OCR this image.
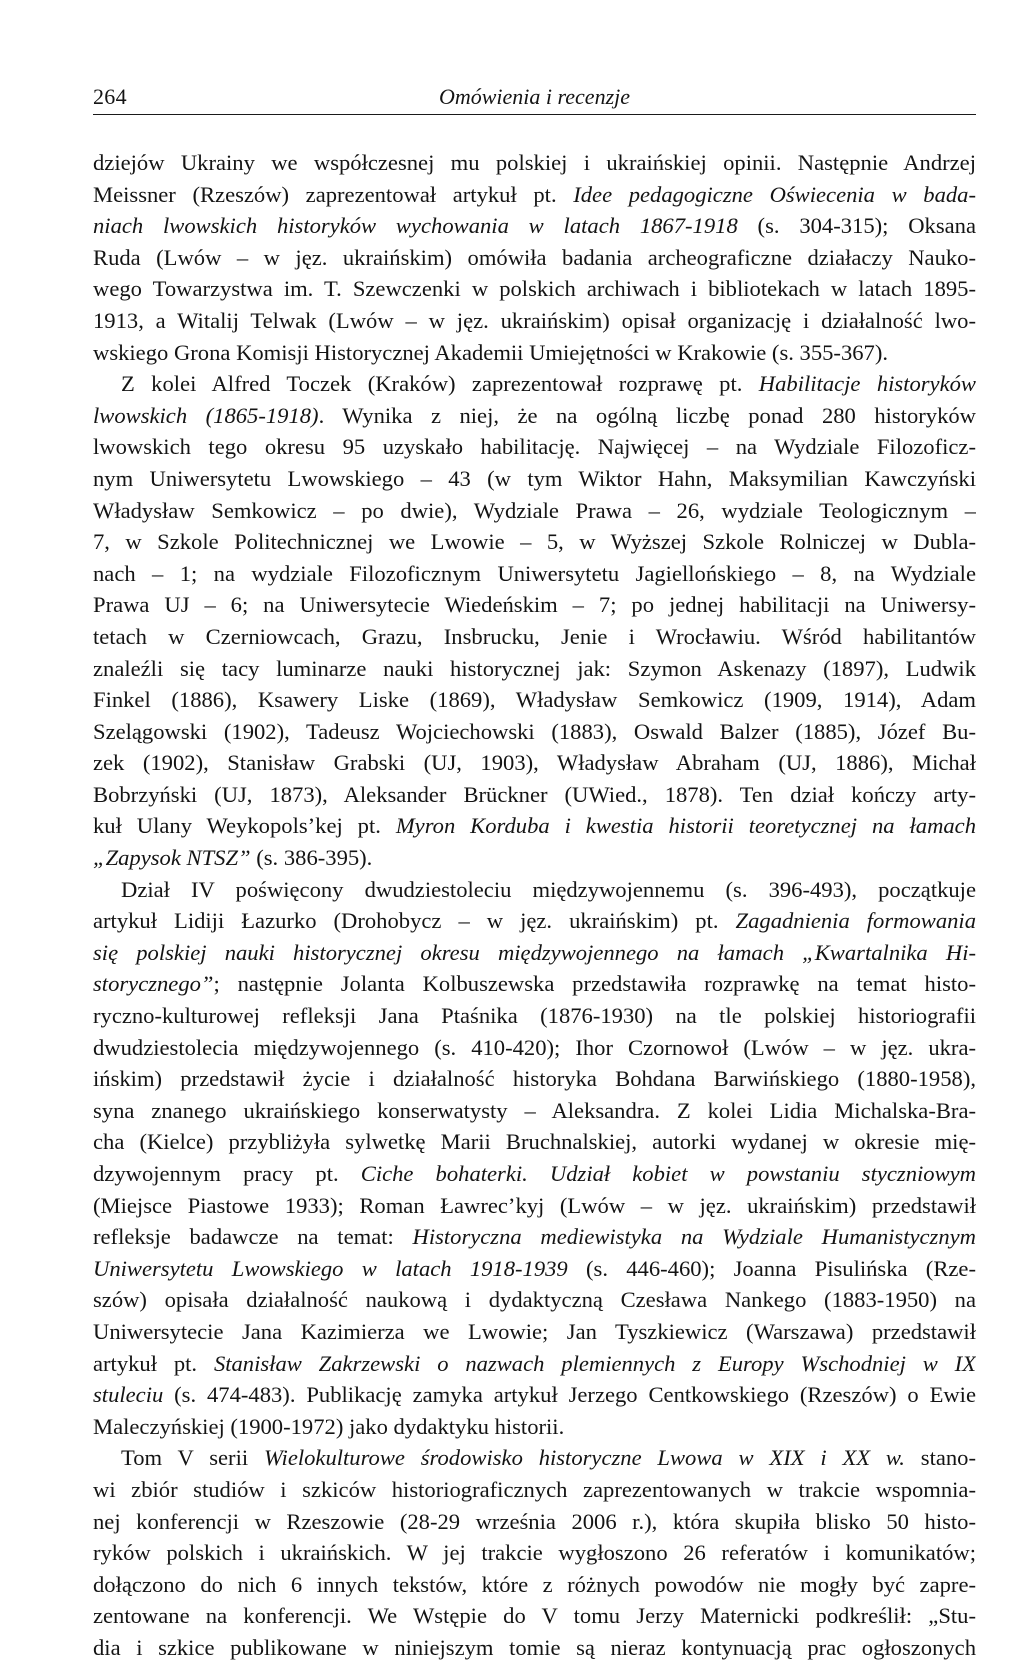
264	Omówienia i recenzje
dziejów Ukrainy we współczesnej mu polskiej i ukraińskiej opinii. Następnie Andrzej
Meissner (Rzeszów) zaprezentował artykuł pt. Idee pedagogiczne Oświecenia w bada-
niach lwowskich historyków wychowania w latach 1867-1918 (s. 304-315); Oksana
Ruda (Lwów – w jęz. ukraińskim) omówiła badania archeograficzne działaczy Nauko-
wego Towarzystwa im. T. Szewczenki w polskich archiwach i bibliotekach w latach 1895-
1913, a Witalij Telwak (Lwów – w jęz. ukraińskim) opisał organizację i działalność lwo-
wskiego Grona Komisji Historycznej Akademii Umiejętności w Krakowie (s. 355-367).
Z kolei Alfred Toczek (Kraków) zaprezentował rozprawę pt. Habilitacje historyków
lwowskich (1865-1918). Wynika z niej, że na ogólną liczbę ponad 280 historyków
lwowskich tego okresu 95 uzyskało habilitację. Najwięcej – na Wydziale Filozoficz-
nym Uniwersytetu Lwowskiego – 43 (w tym Wiktor Hahn, Maksymilian Kawczyński
Władysław Semkowicz – po dwie), Wydziale Prawa – 26, wydziale Teologicznym –
7, w Szkole Politechnicznej we Lwowie – 5, w Wyższej Szkole Rolniczej w Dubla-
nach – 1; na wydziale Filozoficznym Uniwersytetu Jagiellońskiego – 8, na Wydziale
Prawa UJ – 6; na Uniwersytecie Wiedeńskim – 7; po jednej habilitacji na Uniwersy-
tetach w Czerniowcach, Grazu, Insbrucku, Jenie i Wrocławiu. Wśród habilitantów
znaleźli się tacy luminarze nauki historycznej jak: Szymon Askenazy (1897), Ludwik
Finkel (1886), Ksawery Liske (1869), Władysław Semkowicz (1909, 1914), Adam
Szelągowski (1902), Tadeusz Wojciechowski (1883), Oswald Balzer (1885), Józef Bu-
zek (1902), Stanisław Grabski (UJ, 1903), Władysław Abraham (UJ, 1886), Michał
Bobrzyński (UJ, 1873), Aleksander Brückner (UWied., 1878). Ten dział kończy arty-
kuł Ulany Weykopols’kej pt. Myron Korduba i kwestia historii teoretycznej na łamach
„Zapysok NTSZ” (s. 386-395).
Dział IV poświęcony dwudziestoleciu międzywojennemu (s. 396-493), początkuje
artykuł Lidiji Łazurko (Drohobycz – w jęz. ukraińskim) pt. Zagadnienia formowania
się polskiej nauki historycznej okresu międzywojennego na łamach „Kwartalnika Hi-
storycznego”; następnie Jolanta Kolbuszewska przedstawiła rozprawkę na temat histo-
ryczno-kulturowej refleksji Jana Ptaśnika (1876-1930) na tle polskiej historiografii
dwudziestolecia międzywojennego (s. 410-420); Ihor Czornowoł (Lwów – w jęz. ukra-
ińskim) przedstawił życie i działalność historyka Bohdana Barwińskiego (1880-1958),
syna znanego ukraińskiego konserwatysty – Aleksandra. Z kolei Lidia Michalska-Bra-
cha (Kielce) przybliżyła sylwetkę Marii Bruchnalskiej, autorki wydanej w okresie mię-
dzywojennym pracy pt. Ciche bohaterki. Udział kobiet w powstaniu styczniowym
(Miejsce Piastowe 1933); Roman Ławrec’kyj (Lwów – w jęz. ukraińskim) przedstawił
refleksje badawcze na temat: Historyczna mediewistyka na Wydziale Humanistycznym
Uniwersytetu Lwowskiego w latach 1918-1939 (s. 446-460); Joanna Pisulińska (Rze-
szów) opisała działalność naukową i dydaktyczną Czesława Nankego (1883-1950) na
Uniwersytecie Jana Kazimierza we Lwowie; Jan Tyszkiewicz (Warszawa) przedstawił
artykuł pt. Stanisław Zakrzewski o nazwach plemiennych z Europy Wschodniej w IX
stuleciu (s. 474-483). Publikację zamyka artykuł Jerzego Centkowskiego (Rzeszów) o Ewie
Maleczyńskiej (1900-1972) jako dydaktyku historii.
Tom V serii Wielokulturowe środowisko historyczne Lwowa w XIX i XX w. stano-
wi zbiór studiów i szkiców historiograficznych zaprezentowanych w trakcie wspomnia-
nej konferencji w Rzeszowie (28-29 września 2006 r.), która skupiła blisko 50 histo-
ryków polskich i ukraińskich. W jej trakcie wygłoszono 26 referatów i komunikatów;
dołączono do nich 6 innych tekstów, które z różnych powodów nie mogły być zapre-
zentowane na konferencji. We Wstępie do V tomu Jerzy Maternicki podkreślił: „Stu-
dia i szkice publikowane w niniejszym tomie są nieraz kontynuacją prac ogłoszonych
